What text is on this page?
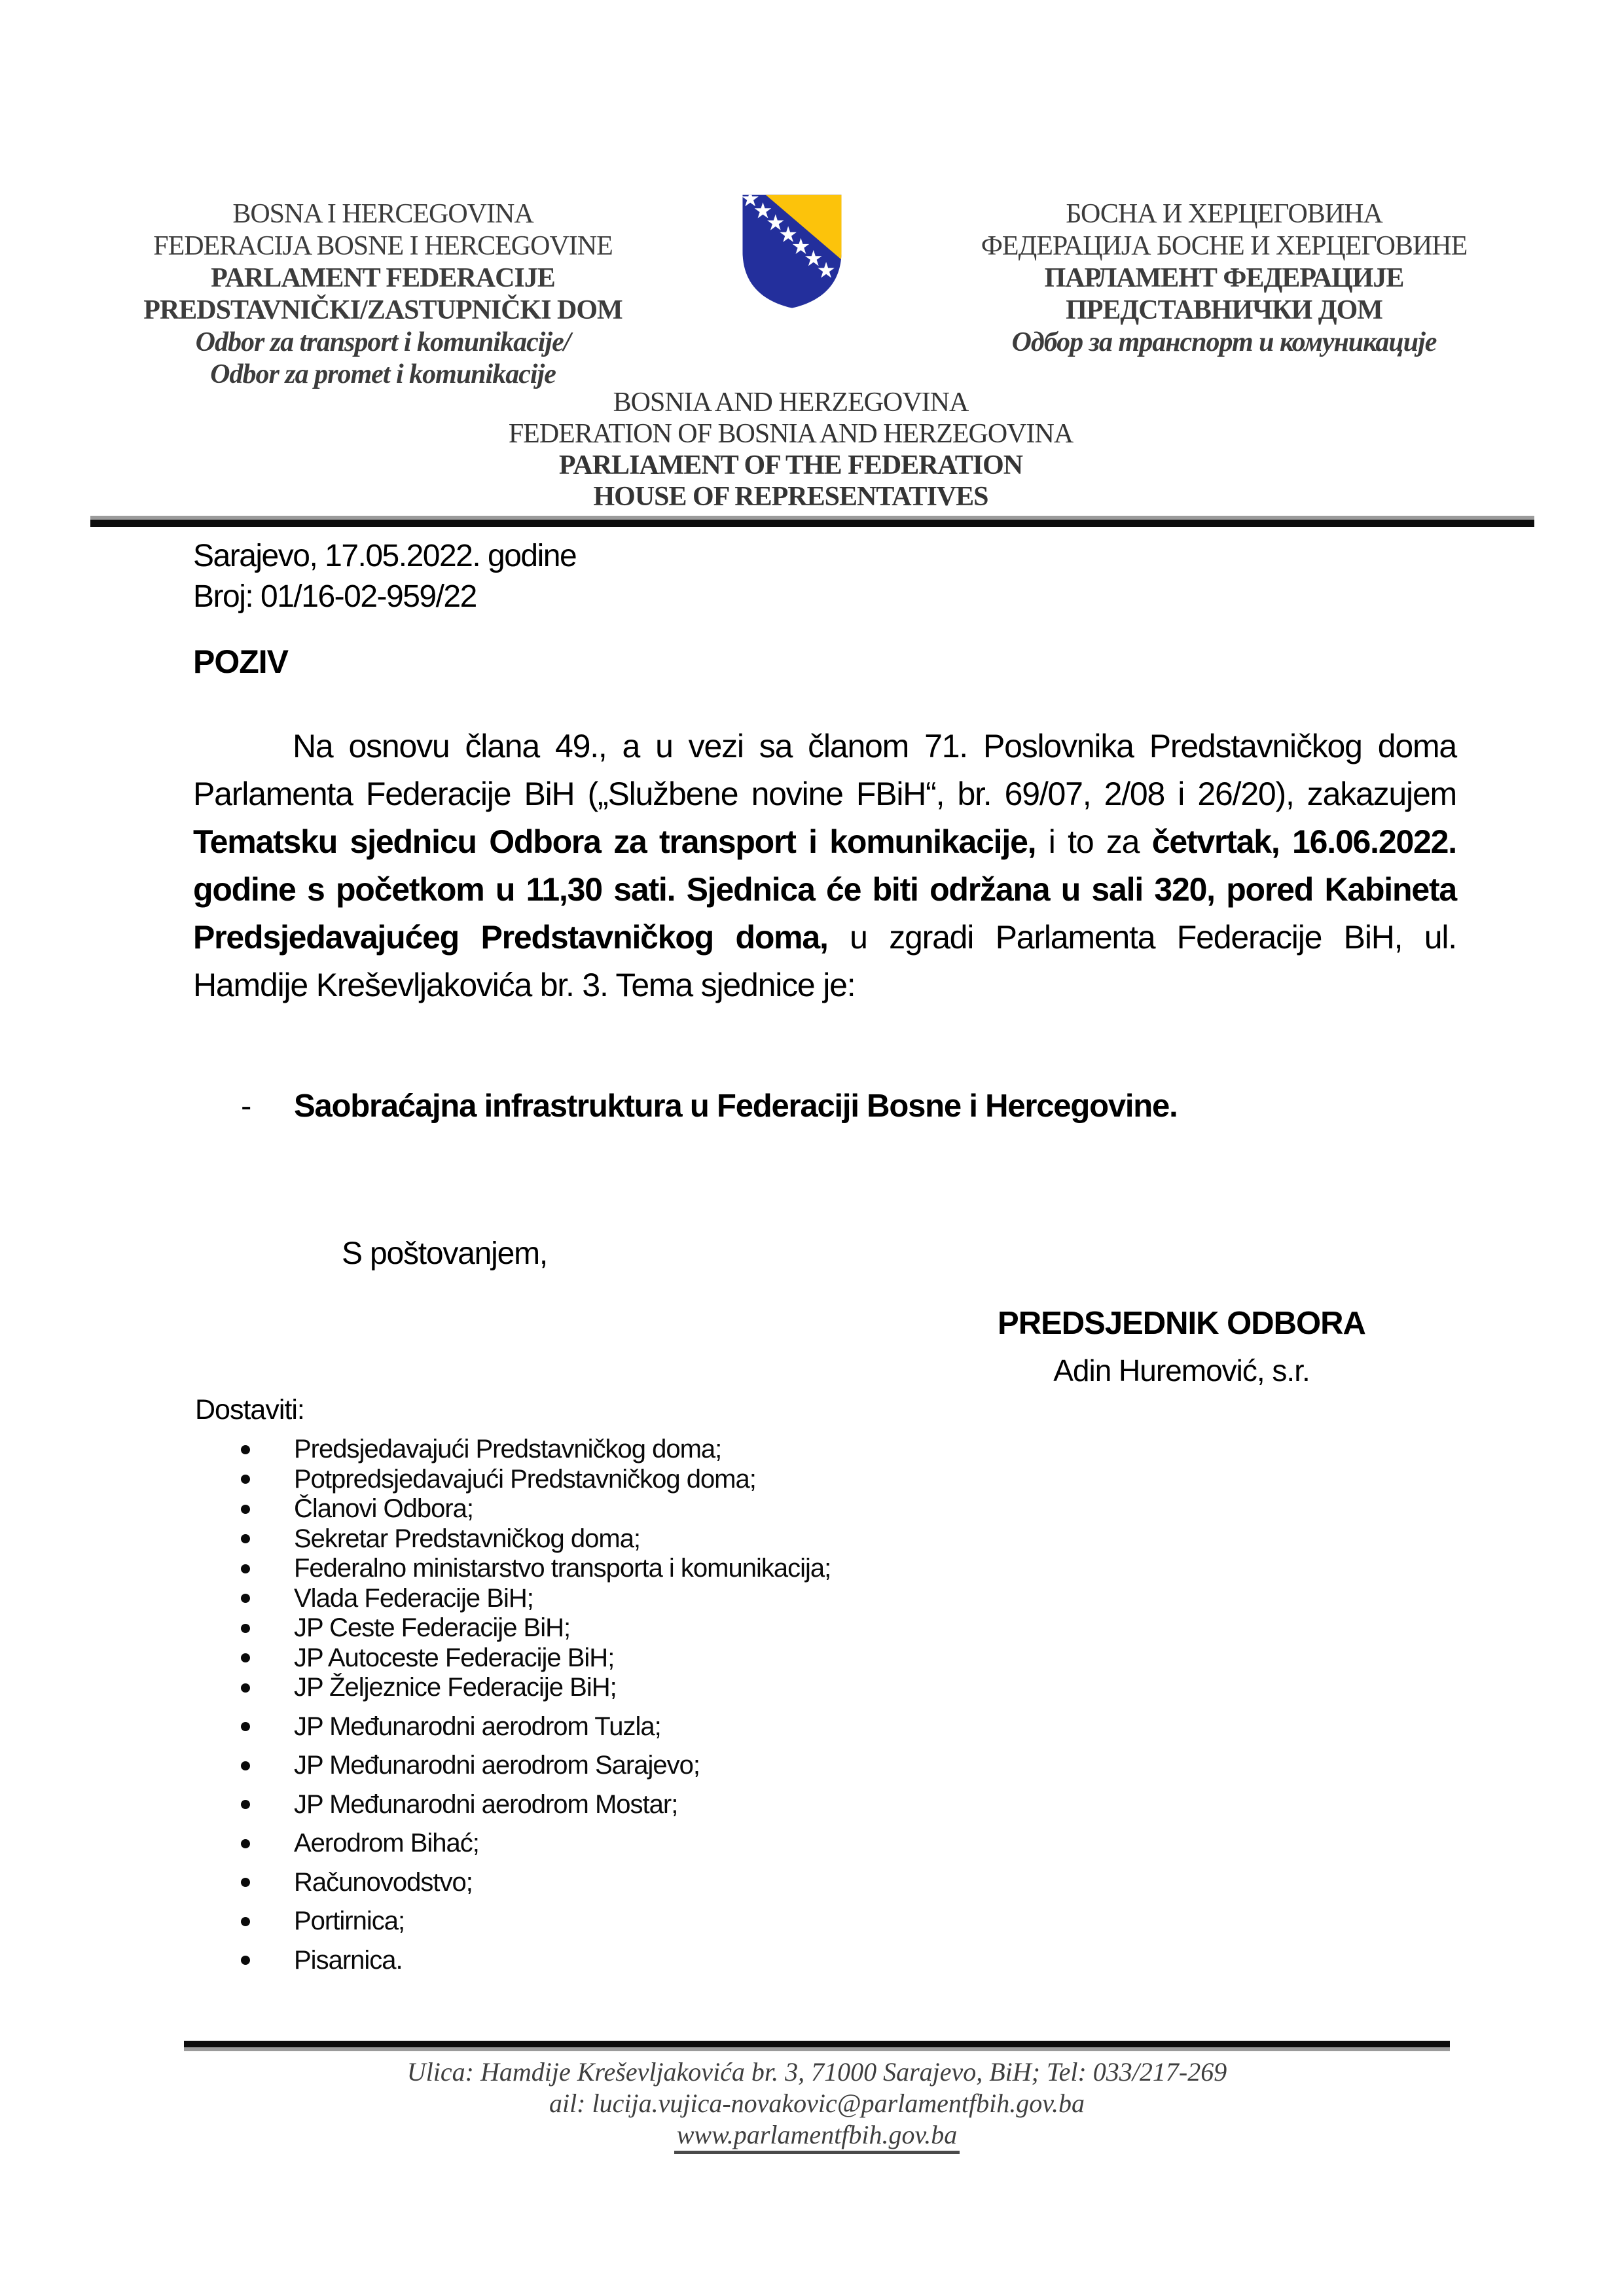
BOSNA I HERCEGOVINA
FEDERACIJA BOSNE I HERCEGOVINE
PARLAMENT FEDERACIJE
PREDSTAVNIČKI/ZASTUPNIČKI DOM
Odbor za transport i komunikacije/
Odbor za promet i komunikacije
БОСНА И ХЕРЦЕГОВИНА
ФЕДЕРАЦИЈА БОСНЕ И ХЕРЦЕГОВИНЕ
ПАРЛАМЕНТ ФЕДЕРАЦИЈЕ
ПРЕДСТАВНИЧКИ ДОМ
Одбор за транспорт и комуникације
BOSNIA AND HERZEGOVINA
FEDERATION OF BOSNIA AND HERZEGOVINA
PARLIAMENT OF THE FEDERATION
HOUSE OF REPRESENTATIVES
Sarajevo, 17.05.2022. godine
Broj: 01/16-02-959/22
POZIV

Na osnovu člana 49., a u vezi sa članom 71. Poslovnika Predstavničkog doma Parlamenta Federacije BiH („Službene novine FBiH“, br. 69/07, 2/08 i 26/20), zakazujem Tematsku sjednicu Odbora za transport i komunikacije, i to za četvrtak, 16.06.2022. godine s početkom u 11,30 sati. Sjednica će biti održana u sali 320, pored Kabineta Predsjedavajućeg Predstavničkog doma, u zgradi Parlamenta Federacije BiH, ul. Hamdije Kreševljakovića br. 3. Tema sjednice je:

-	Saobraćajna infrastruktura u Federaciji Bosne i Hercegovine.
S poštovanjem,
PREDSJEDNIK ODBORA
Adin Huremović, s.r.
Dostaviti:
Predsjedavajući Predstavničkog doma;
Potpredsjedavajući Predstavničkog doma;
Članovi Odbora;
Sekretar Predstavničkog doma;
Federalno ministarstvo transporta i komunikacija;
Vlada Federacije BiH;
JP Ceste Federacije BiH;
JP Autoceste Federacije BiH;
JP Željeznice Federacije BiH;
JP Međunarodni aerodrom Tuzla;
JP Međunarodni aerodrom Sarajevo;
JP Međunarodni aerodrom Mostar;
Aerodrom Bihać;
Računovodstvo;
Portirnica;
Pisarnica.
Ulica: Hamdije Kreševljakovića br. 3, 71000 Sarajevo, BiH; Tel: 033/217-269
ail: lucija.vujica-novakovic@parlamentfbih.gov.ba
www.parlamentfbih.gov.ba
